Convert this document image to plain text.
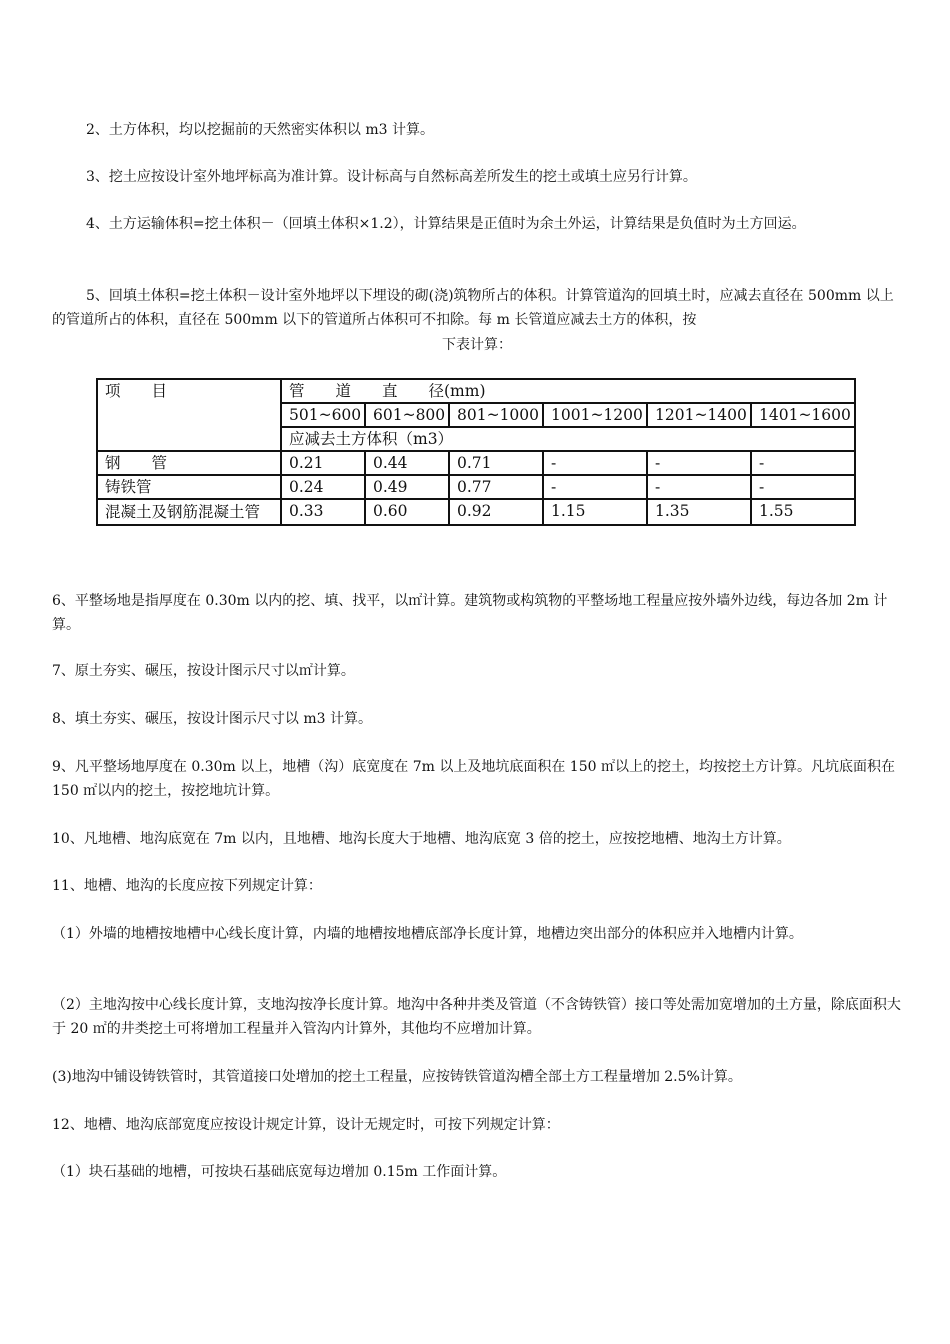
2、土方体积，均以挖掘前的天然密实体积以 m3 计算。
3、挖土应按设计室外地坪标高为准计算。设计标高与自然标高差所发生的挖土或填土应另行计算。
4、土方运输体积=挖土体积－（回填土体积×1.2），计算结果是正值时为余土外运，计算结果是负值时为土方回运。
5、回填土体积=挖土体积－设计室外地坪以下埋设的砌(浇)筑物所占的体积。计算管道沟的回填土时，应减去直径在 500mm 以上的管道所占的体积，直径在 500mm 以下的管道所占体积可不扣除。每 m 长管道应减去土方的体积，按
下表计算：
项　　目	管　　道　　直　　径(mm)					
	501~600	601~800	801~1000	1001~1200	1201~1400	1401~1600
	应减去土方体积（m3）					
钢　　管	0.21	0.44	0.71	-	-	-
铸铁管	0.24	0.49	0.77	-	-	-
混凝土及钢筋混凝土管	0.33	0.60	0.92	1.15	1.35	1.55
6、平整场地是指厚度在 0.30m 以内的挖、填、找平，以㎡计算。建筑物或构筑物的平整场地工程量应按外墙外边线，每边各加 2m 计算。
7、原土夯实、碾压，按设计图示尺寸以㎡计算。
8、填土夯实、碾压，按设计图示尺寸以 m3 计算。
9、凡平整场地厚度在 0.30m 以上，地槽（沟）底宽度在 7m 以上及地坑底面积在 150 ㎡以上的挖土，均按挖土方计算。凡坑底面积在 150 ㎡以内的挖土，按挖地坑计算。
10、凡地槽、地沟底宽在 7m 以内，且地槽、地沟长度大于地槽、地沟底宽 3 倍的挖土，应按挖地槽、地沟土方计算。
11、地槽、地沟的长度应按下列规定计算：
（1）外墙的地槽按地槽中心线长度计算，内墙的地槽按地槽底部净长度计算，地槽边突出部分的体积应并入地槽内计算。
（2）主地沟按中心线长度计算，支地沟按净长度计算。地沟中各种井类及管道（不含铸铁管）接口等处需加宽增加的土方量，除底面积大于 20 ㎡的井类挖土可将增加工程量并入管沟内计算外，其他均不应增加计算。
(3)地沟中铺设铸铁管时，其管道接口处增加的挖土工程量，应按铸铁管道沟槽全部土方工程量增加 2.5%计算。
12、地槽、地沟底部宽度应按设计规定计算，设计无规定时，可按下列规定计算：
（1）块石基础的地槽，可按块石基础底宽每边增加 0.15m 工作面计算。
